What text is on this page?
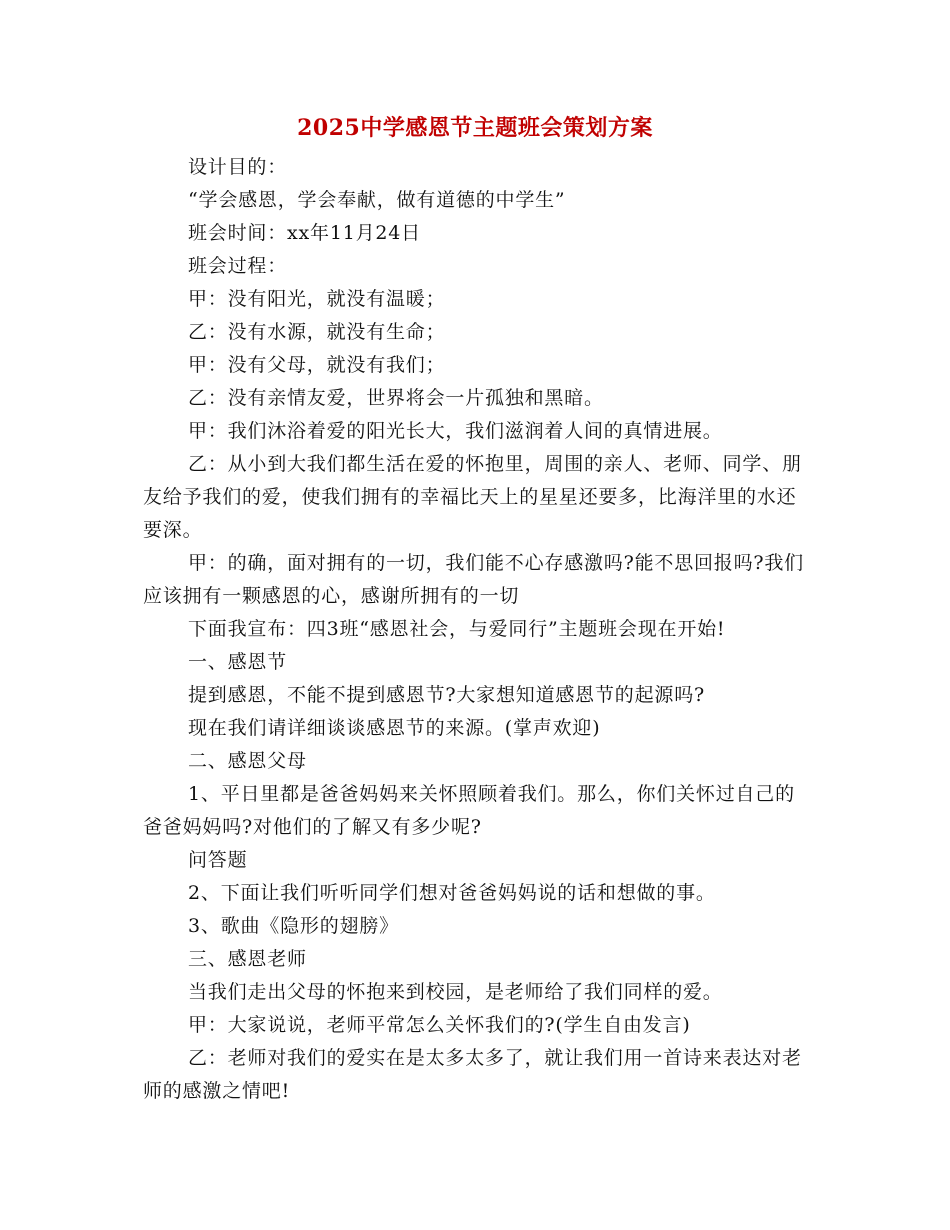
2025中学感恩节主题班会策划方案

设计目的：

“学会感恩，学会奉献，做有道德的中学生”

班会时间：xx年11月24日

班会过程：

甲：没有阳光，就没有温暖；

乙：没有水源，就没有生命；

甲：没有父母，就没有我们；

乙：没有亲情友爱，世界将会一片孤独和黑暗。

甲：我们沐浴着爱的阳光长大，我们滋润着人间的真情进展。

乙：从小到大我们都生活在爱的怀抱里，周围的亲人、老师、同学、朋友给予我们的爱，使我们拥有的幸福比天上的星星还要多，比海洋里的水还要深。

甲：的确，面对拥有的一切，我们能不心存感激吗?能不思回报吗?我们应该拥有一颗感恩的心，感谢所拥有的一切

下面我宣布：四3班“感恩社会，与爱同行”主题班会现在开始!

一、感恩节

提到感恩，不能不提到感恩节?大家想知道感恩节的起源吗?

现在我们请详细谈谈感恩节的来源。(掌声欢迎)

二、感恩父母

1、平日里都是爸爸妈妈来关怀照顾着我们。那么，你们关怀过自己的爸爸妈妈吗?对他们的了解又有多少呢?

问答题

2、下面让我们听听同学们想对爸爸妈妈说的话和想做的事。

3、歌曲《隐形的翅膀》

三、感恩老师

当我们走出父母的怀抱来到校园，是老师给了我们同样的爱。

甲：大家说说，老师平常怎么关怀我们的?(学生自由发言)

乙：老师对我们的爱实在是太多太多了，就让我们用一首诗来表达对老师的感激之情吧!
